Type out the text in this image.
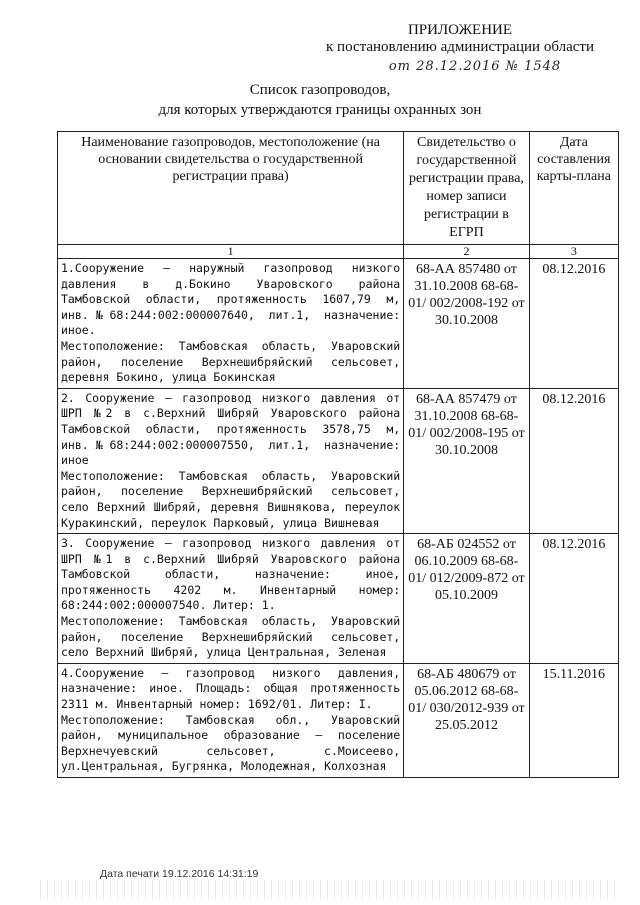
ПРИЛОЖЕНИЕ
к постановлению администрации области
от 28.12.2016 № 1548
Список газопроводов,
для которых утверждаются границы охранных зон
Наименование газопроводов, местоположение (на основании свидетельства о государственной регистрации права)	Свидетельство о государственной регистрации права, номер записи регистрации в ЕГРП	Дата составления карты-плана
1	2	3

1.Сооружение – наружный газопровод низкого давления в д.Бокино Уваровского района Тамбовской области, протяженность 1607,79 м, инв.№68:244:002:000007640, лит.1, назначение: иное.
Местоположение: Тамбовская область, Уваровский район, поселение Верхнешибряйский сельсовет, деревня Бокино, улица Бокинская	68-АА 857480 от 31.10.2008 68-68-01/ 002/2008-192 от 30.10.2008	08.12.2016

2. Сооружение – газопровод низкого давления от ШРП №2 в с.Верхний Шибряй Уваровского района Тамбовской области, протяженность 3578,75 м, инв.№68:244:002:000007550, лит.1, назначение: иное
Местоположение: Тамбовская область, Уваровский район, поселение Верхнешибряйский сельсовет, село Верхний Шибряй, деревня Вишнякова, переулок Куракинский, переулок Парковый, улица Вишневая	68-АА 857479 от 31.10.2008 68-68-01/ 002/2008-195 от 30.10.2008	08.12.2016

3. Сооружение – газопровод низкого давления от ШРП №1 в с.Верхний Шибряй Уваровского района Тамбовской области, назначение: иное, протяженность 4202 м. Инвентарный номер: 68:244:002:000007540. Литер: 1.
Местоположение: Тамбовская область, Уваровский район, поселение Верхнешибряйский сельсовет, село Верхний Шибряй, улица Центральная, Зеленая	68-АБ 024552 от 06.10.2009 68-68-01/ 012/2009-872 от 05.10.2009	08.12.2016

4.Сооружение – газопровод низкого давления, назначение: иное. Площадь: общая протяженность 2311 м. Инвентарный номер: 1692/01. Литер: I.
Местоположение: Тамбовская обл., Уваровский район, муниципальное образование – поселение Верхнечуевский сельсовет, с.Моисеево, ул.Центральная, Бугрянка, Молодежная, Колхозная	68-АБ 480679 от 05.06.2012 68-68-01/ 030/2012-939 от 25.05.2012	15.11.2016
Дата печати 19.12.2016 14:31:19
